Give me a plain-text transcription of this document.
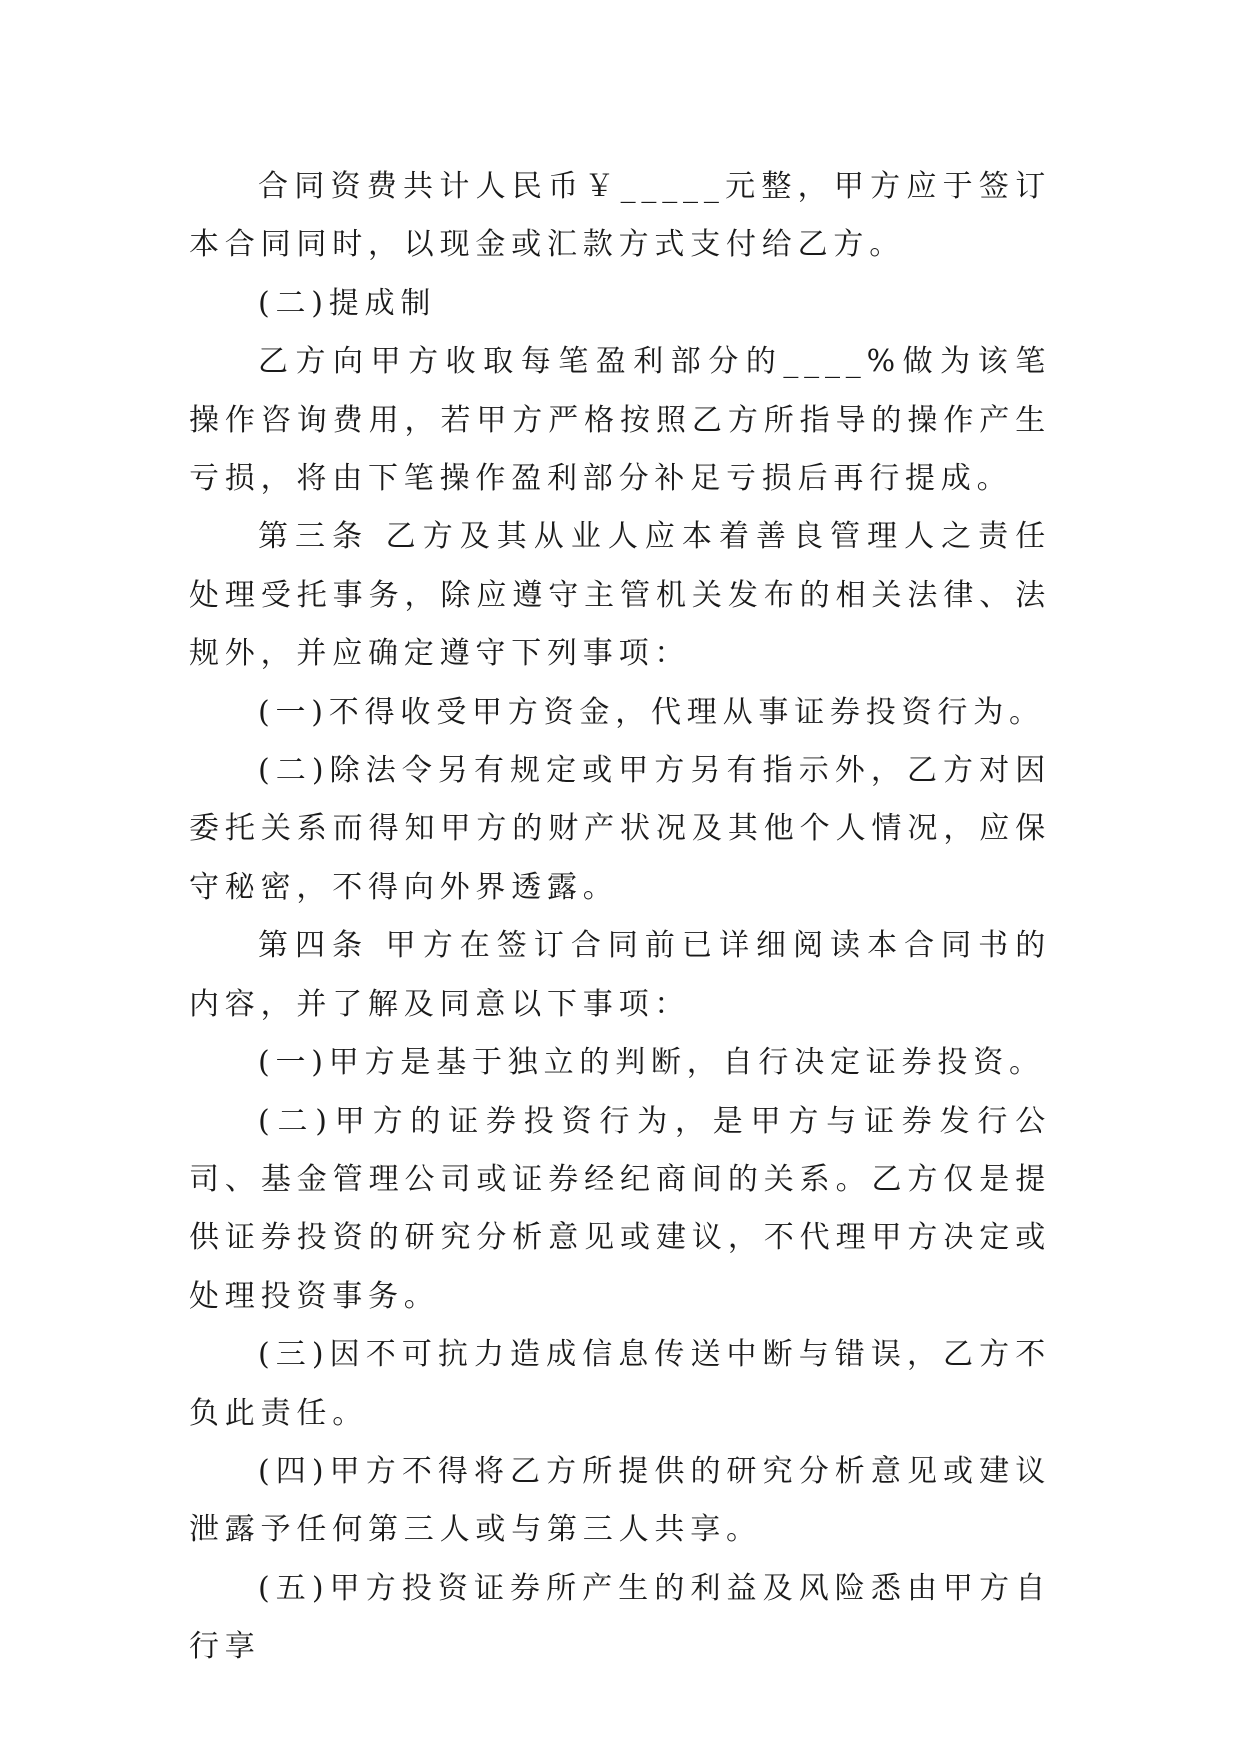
合同资费共计人民币￥_____元整，甲方应于签订本合同同时，以现金或汇款方式支付给乙方。

(二)提成制

乙方向甲方收取每笔盈利部分的____%做为该笔操作咨询费用，若甲方严格按照乙方所指导的操作产生亏损，将由下笔操作盈利部分补足亏损后再行提成。

第三条 乙方及其从业人应本着善良管理人之责任处理受托事务，除应遵守主管机关发布的相关法律、法规外，并应确定遵守下列事项：

(一)不得收受甲方资金，代理从事证券投资行为。

(二)除法令另有规定或甲方另有指示外，乙方对因委托关系而得知甲方的财产状况及其他个人情况，应保守秘密，不得向外界透露。

第四条 甲方在签订合同前已详细阅读本合同书的内容，并了解及同意以下事项：

(一)甲方是基于独立的判断，自行决定证券投资。

(二)甲方的证券投资行为，是甲方与证券发行公司、基金管理公司或证券经纪商间的关系。乙方仅是提供证券投资的研究分析意见或建议，不代理甲方决定或处理投资事务。

(三)因不可抗力造成信息传送中断与错误，乙方不负此责任。

(四)甲方不得将乙方所提供的研究分析意见或建议泄露予任何第三人或与第三人共享。

(五)甲方投资证券所产生的利益及风险悉由甲方自行享
